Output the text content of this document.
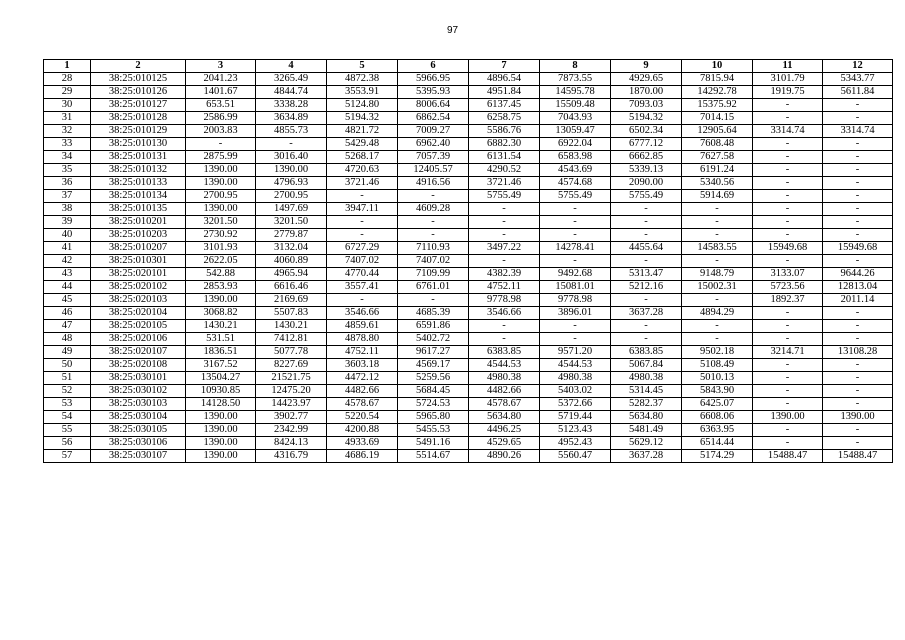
97
1	2	3	4	5	6	7	8	9	10	11	12
28	38:25:010125	2041.23	3265.49	4872.38	5966.95	4896.54	7873.55	4929.65	7815.94	3101.79	5343.77
29	38:25:010126	1401.67	4844.74	3553.91	5395.93	4951.84	14595.78	1870.00	14292.78	1919.75	5611.84
30	38:25:010127	653.51	3338.28	5124.80	8006.64	6137.45	15509.48	7093.03	15375.92	-	-
31	38:25:010128	2586.99	3634.89	5194.32	6862.54	6258.75	7043.93	5194.32	7014.15	-	-
32	38:25:010129	2003.83	4855.73	4821.72	7009.27	5586.76	13059.47	6502.34	12905.64	3314.74	3314.74
33	38:25:010130	-	-	5429.48	6962.40	6882.30	6922.04	6777.12	7608.48	-	-
34	38:25:010131	2875.99	3016.40	5268.17	7057.39	6131.54	6583.98	6662.85	7627.58	-	-
35	38:25:010132	1390.00	1390.00	4720.63	12405.57	4290.52	4543.69	5339.13	6191.24	-	-
36	38:25:010133	1390.00	4796.93	3721.46	4916.56	3721.46	4574.68	2090.00	5340.56	-	-
37	38:25:010134	2700.95	2700.95	-	-	5755.49	5755.49	5755.49	5914.69	-	-
38	38:25:010135	1390.00	1497.69	3947.11	4609.28	-	-	-	-	-	-
39	38:25:010201	3201.50	3201.50	-	-	-	-	-	-	-	-
40	38:25:010203	2730.92	2779.87	-	-	-	-	-	-	-	-
41	38:25:010207	3101.93	3132.04	6727.29	7110.93	3497.22	14278.41	4455.64	14583.55	15949.68	15949.68
42	38:25:010301	2622.05	4060.89	7407.02	7407.02	-	-	-	-	-	-
43	38:25:020101	542.88	4965.94	4770.44	7109.99	4382.39	9492.68	5313.47	9148.79	3133.07	9644.26
44	38:25:020102	2853.93	6616.46	3557.41	6761.01	4752.11	15081.01	5212.16	15002.31	5723.56	12813.04
45	38:25:020103	1390.00	2169.69	-	-	9778.98	9778.98	-	-	1892.37	2011.14
46	38:25:020104	3068.82	5507.83	3546.66	4685.39	3546.66	3896.01	3637.28	4894.29	-	-
47	38:25:020105	1430.21	1430.21	4859.61	6591.86	-	-	-	-	-	-
48	38:25:020106	531.51	7412.81	4878.80	5402.72	-	-	-	-	-	-
49	38:25:020107	1836.51	5077.78	4752.11	9617.27	6383.85	9571.20	6383.85	9502.18	3214.71	13108.28
50	38:25:020108	3167.52	8227.69	3603.18	4569.17	4544.53	4544.53	5067.84	5108.49	-	-
51	38:25:030101	13504.27	21521.75	4472.12	5259.56	4980.38	4980.38	4980.38	5010.13	-	-
52	38:25:030102	10930.85	12475.20	4482.66	5684.45	4482.66	5403.02	5314.45	5843.90	-	-
53	38:25:030103	14128.50	14423.97	4578.67	5724.53	4578.67	5372.66	5282.37	6425.07	-	-
54	38:25:030104	1390.00	3902.77	5220.54	5965.80	5634.80	5719.44	5634.80	6608.06	1390.00	1390.00
55	38:25:030105	1390.00	2342.99	4200.88	5455.53	4496.25	5123.43	5481.49	6363.95	-	-
56	38:25:030106	1390.00	8424.13	4933.69	5491.16	4529.65	4952.43	5629.12	6514.44	-	-
57	38:25:030107	1390.00	4316.79	4686.19	5514.67	4890.26	5560.47	3637.28	5174.29	15488.47	15488.47
